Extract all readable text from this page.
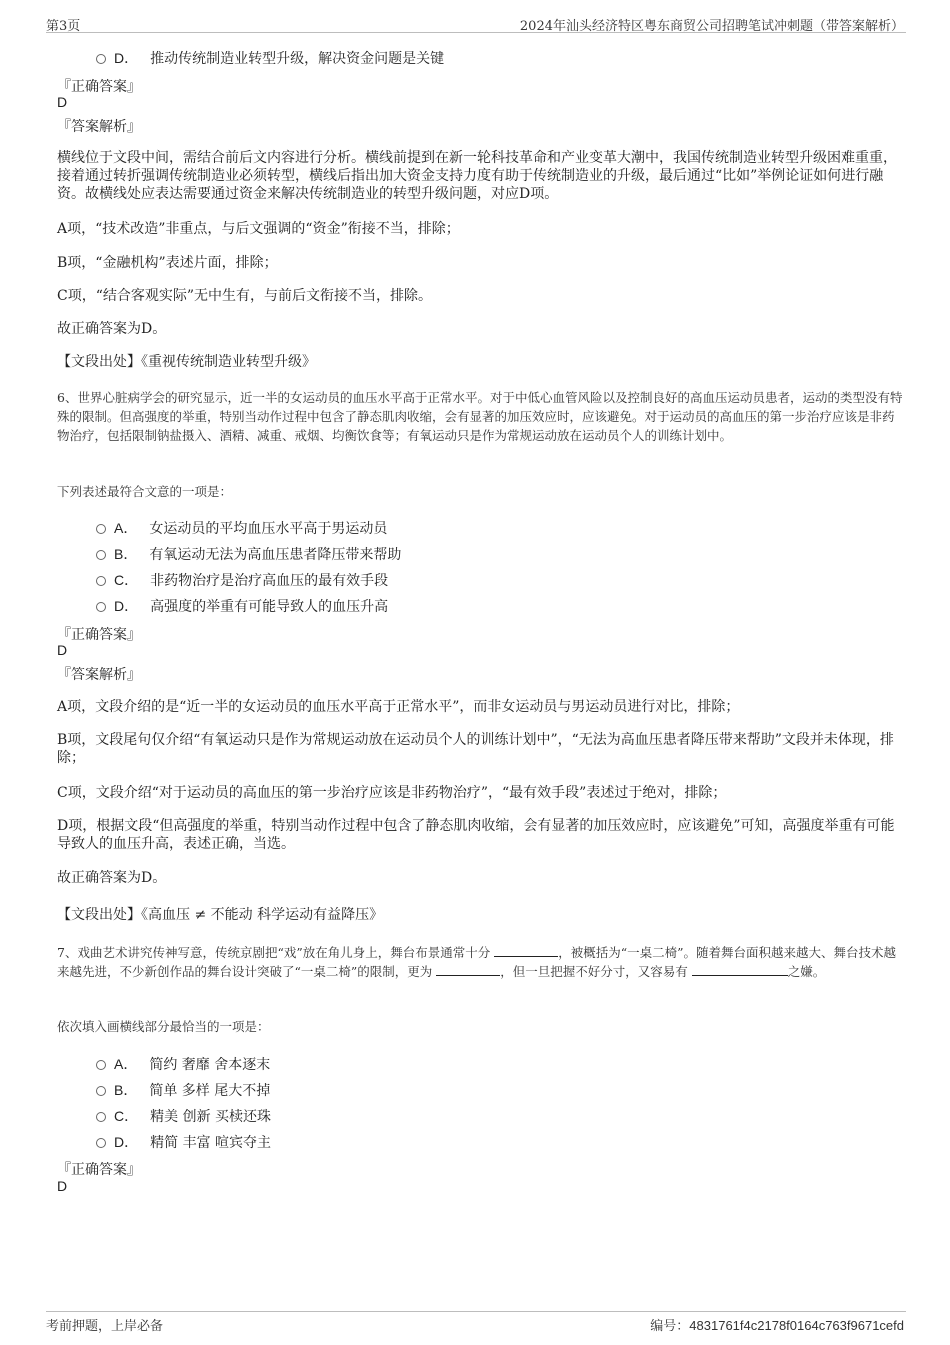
第3页	2024年汕头经济特区粤东商贸公司招聘笔试冲刺题（带答案解析）
D． 推动传统制造业转型升级，解决资金问题是关键
『正确答案』
D
『答案解析』
横线位于文段中间，需结合前后文内容进行分析。横线前提到在新一轮科技革命和产业变革大潮中，我国传统制造业转型升级困难重重，接着通过转折强调传统制造业必须转型，横线后指出加大资金支持力度有助于传统制造业的升级，最后通过“比如”举例论证如何进行融资。故横线处应表达需要通过资金来解决传统制造业的转型升级问题，对应D项。
A项，“技术改造”非重点，与后文强调的“资金”衔接不当，排除；
B项，“金融机构”表述片面，排除；
C项，“结合客观实际”无中生有，与前后文衔接不当，排除。
故正确答案为D。
【文段出处】《重视传统制造业转型升级》
6、世界心脏病学会的研究显示，近一半的女运动员的血压水平高于正常水平。对于中低心血管风险以及控制良好的高血压运动员患者，运动的类型没有特殊的限制。但高强度的举重，特别当动作过程中包含了静态肌肉收缩，会有显著的加压效应时，应该避免。对于运动员的高血压的第一步治疗应该是非药物治疗，包括限制钠盐摄入、酒精、减重、戒烟、均衡饮食等；有氧运动只是作为常规运动放在运动员个人的训练计划中。
下列表述最符合文意的一项是：
A． 女运动员的平均血压水平高于男运动员
B． 有氧运动无法为高血压患者降压带来帮助
C． 非药物治疗是治疗高血压的最有效手段
D． 高强度的举重有可能导致人的血压升高
『正确答案』
D
『答案解析』
A项，文段介绍的是“近一半的女运动员的血压水平高于正常水平”，而非女运动员与男运动员进行对比，排除；
B项，文段尾句仅介绍“有氧运动只是作为常规运动放在运动员个人的训练计划中”，“无法为高血压患者降压带来帮助”文段并未体现，排除；
C项，文段介绍“对于运动员的高血压的第一步治疗应该是非药物治疗”，“最有效手段”表述过于绝对，排除；
D项，根据文段“但高强度的举重，特别当动作过程中包含了静态肌肉收缩，会有显著的加压效应时，应该避免”可知，高强度举重有可能导致人的血压升高，表述正确，当选。
故正确答案为D。
【文段出处】《高血压 ≠ 不能动 科学运动有益降压》
7、戏曲艺术讲究传神写意，传统京剧把“戏”放在角儿身上，舞台布景通常十分	，被概括为“一桌二椅”。随着舞台面积越来越大、舞台技术越来越先进，不少新创作品的舞台设计突破了“一桌二椅”的限制，更为	，但一旦把握不好分寸，又容易有	之嫌。
依次填入画横线部分最恰当的一项是：
A． 简约 奢靡 舍本逐末
B． 简单 多样 尾大不掉
C． 精美 创新 买椟还珠
D． 精简 丰富 喧宾夺主
『正确答案』
D
考前押题，上岸必备	编号：4831761f4c2178f0164c763f9671cefd
